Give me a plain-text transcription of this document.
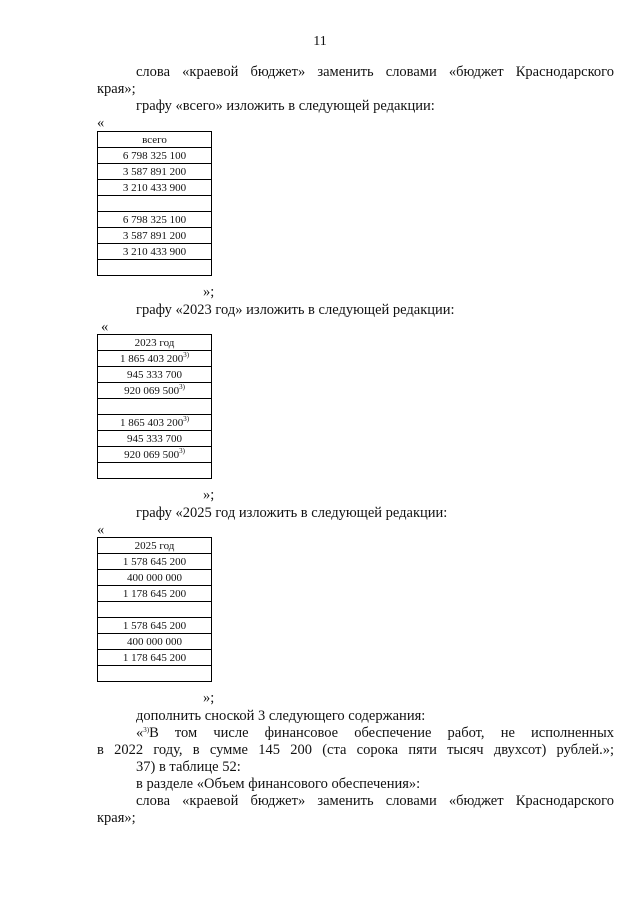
11
слова «краевой бюджет» заменить словами «бюджет Краснодарского
края»;
графу «всего» изложить в следующей редакции:
«
всего
6 798 325 100
3 587 891 200
3 210 433 900

6 798 325 100
3 587 891 200
3 210 433 900

»;
графу «2023 год» изложить в следующей редакции:
«
2023 год
1 865 403 200$^{3)}$
945 333 700
920 069 500$^{3)}$

1 865 403 200$^{3)}$
945 333 700
920 069 500$^{3)}$

»;
графу «2025 год изложить в следующей редакции:
«
2025 год
1 578 645 200
400 000 000
1 178 645 200

1 578 645 200
400 000 000
1 178 645 200

»;
дополнить сноской 3 следующего содержания:
«$^{3)}$В том числе финансовое обеспечение работ, не исполненных
в 2022 году, в сумме 145 200 (ста сорока пяти тысяч двухсот) рублей.»;
37) в таблице 52:
в разделе «Объем финансового обеспечения»:
слова «краевой бюджет» заменить словами «бюджет Краснодарского
края»;
